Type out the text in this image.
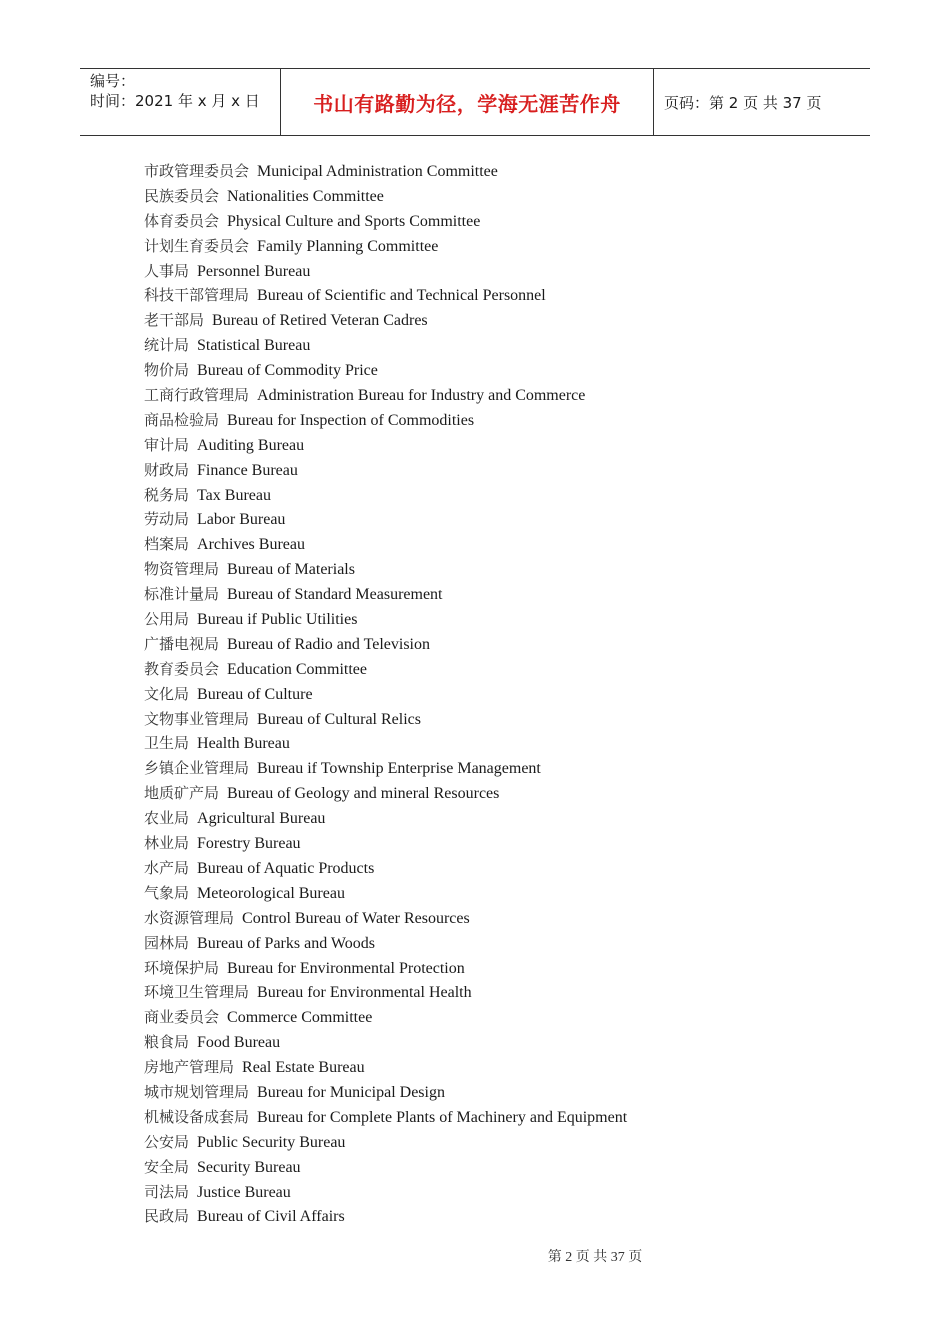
编号：
时间：2021 年 x 月 x 日	书山有路勤为径，学海无涯苦作舟	页码：第 2 页 共 37 页
市政管理委员会 Municipal Administration Committee
民族委员会 Nationalities Committee
体育委员会 Physical Culture and Sports Committee
计划生育委员会 Family Planning Committee
人事局 Personnel Bureau
科技干部管理局 Bureau of Scientific and Technical Personnel
老干部局 Bureau of Retired Veteran Cadres
统计局 Statistical Bureau
物价局 Bureau of Commodity Price
工商行政管理局 Administration Bureau for Industry and Commerce
商品检验局 Bureau for Inspection of Commodities
审计局 Auditing Bureau
财政局 Finance Bureau
税务局 Tax Bureau
劳动局 Labor Bureau
档案局 Archives Bureau
物资管理局 Bureau of Materials
标准计量局 Bureau of Standard Measurement
公用局 Bureau if Public Utilities
广播电视局 Bureau of Radio and Television
教育委员会 Education Committee
文化局 Bureau of Culture
文物事业管理局 Bureau of Cultural Relics
卫生局 Health Bureau
乡镇企业管理局 Bureau if Township Enterprise Management
地质矿产局 Bureau of Geology and mineral Resources
农业局 Agricultural Bureau
林业局 Forestry Bureau
水产局 Bureau of Aquatic Products
气象局 Meteorological Bureau
水资源管理局 Control Bureau of Water Resources
园林局 Bureau of Parks and Woods
环境保护局 Bureau for Environmental Protection
环境卫生管理局 Bureau for Environmental Health
商业委员会 Commerce Committee
粮食局 Food Bureau
房地产管理局 Real Estate Bureau
城市规划管理局 Bureau for Municipal Design
机械设备成套局 Bureau for Complete Plants of Machinery and Equipment
公安局 Public Security Bureau
安全局 Security Bureau
司法局 Justice Bureau
民政局 Bureau of Civil Affairs
第 2 页 共 37 页
